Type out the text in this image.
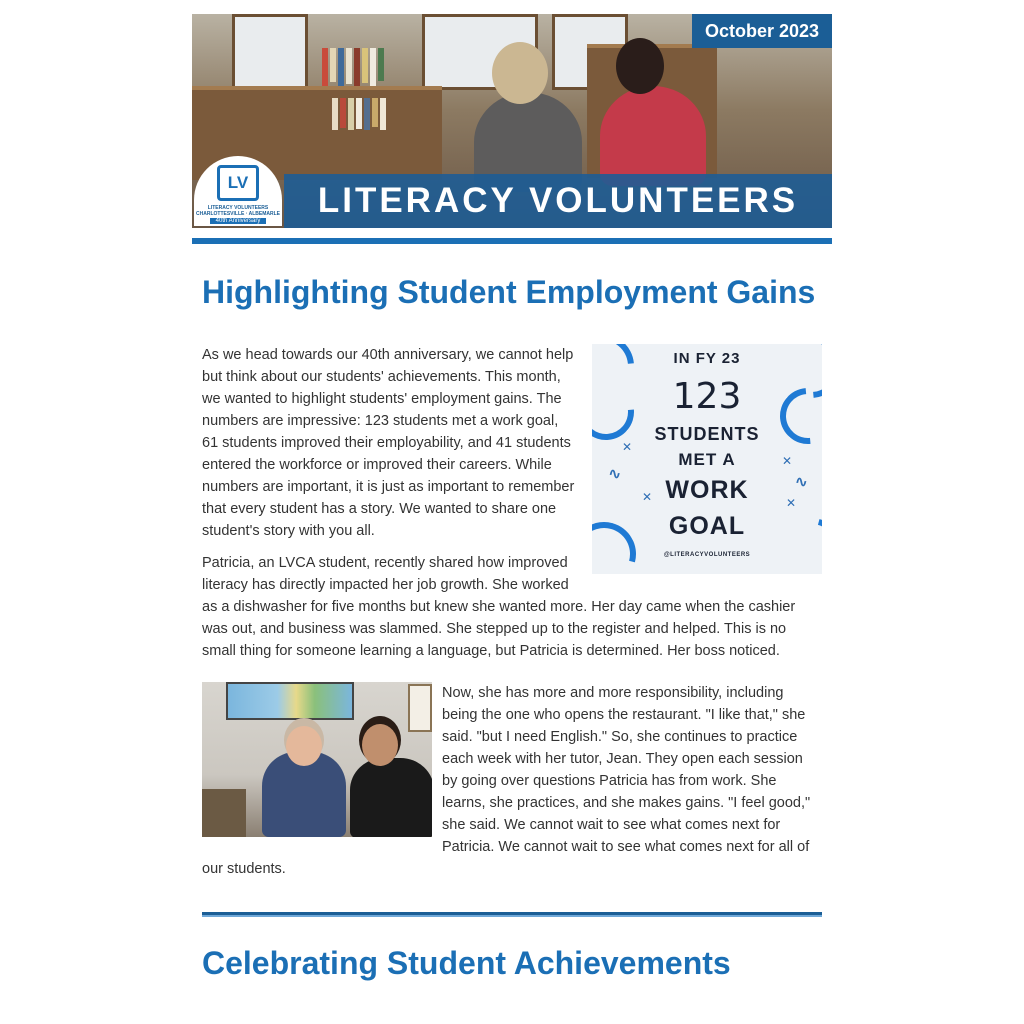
October 2023
LITERACY VOLUNTEERS
LV
LITERACY VOLUNTEERS
CHARLOTTESVILLE · ALBEMARLE
40th Anniversary
Highlighting Student Employment Gains
✕
✕
✕
✕
∿	∿
IN FY 23
123
STUDENTS
MET A
WORK
GOAL
@LITERACYVOLUNTEERS

As we head towards our 40th anniversary, we cannot help but think about our students' achievements. This month, we wanted to highlight students' employment gains. The numbers are impressive: 123 students met a work goal, 61 students improved their employability, and 41 students entered the workforce or improved their careers. While numbers are important, it is just as important to remember that every student has a story. We wanted to share one student's story with you all.

Patricia, an LVCA student, recently shared how improved literacy has directly impacted her job growth. She worked as a dishwasher for five months but knew she wanted more. Her day came when the cashier was out, and business was slammed. She stepped up to the register and helped. This is no small thing for someone learning a language, but Patricia is determined. Her boss noticed.

Now, she has more and more responsibility, including being the one who opens the restaurant. "I like that," she said. "but I need English." So, she continues to practice each week with her tutor, Jean. They open each session by going over questions Patricia has from work. She learns, she practices, and she makes gains. "I feel good," she said. We cannot wait to see what comes next for Patricia. We cannot wait to see what comes next for all of our students.

Celebrating Student Achievements
